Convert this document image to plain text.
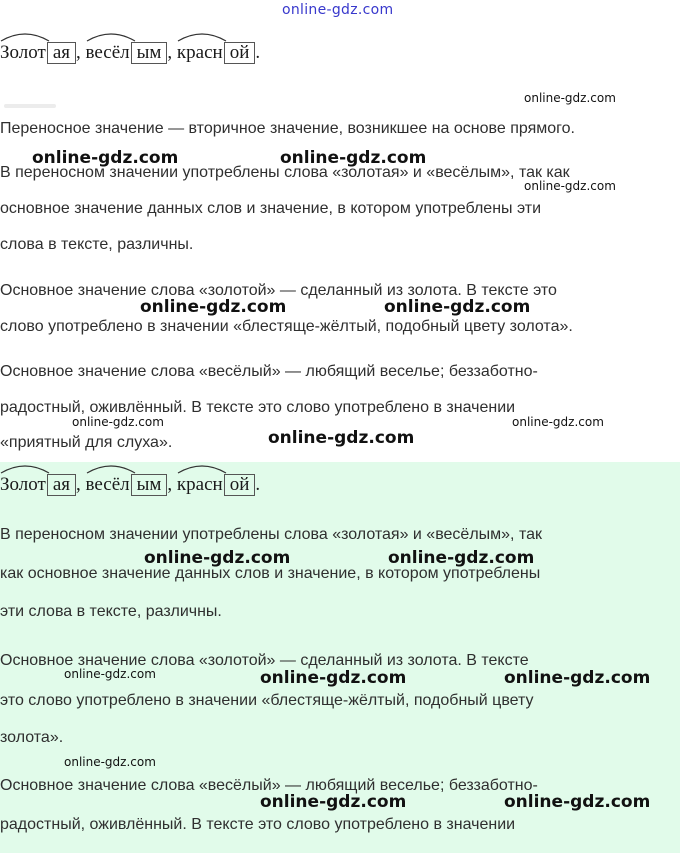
online-gdz.com
Золот ая , весёл ым , красн ой .
Переносное значение — вторичное значение, возникшее на основе прямого.
В переносном значении употреблены слова «золотая» и «весёлым», так как
основное значение данных слов и значение, в котором употреблены эти
слова в тексте, различны.
Основное значение слова «золотой» — сделанный из золота. В тексте это
слово употреблено в значении «блестяще-жёлтый, подобный цвету золота».
Основное значение слова «весёлый» — любящий веселье; беззаботно-
радостный, оживлённый. В тексте это слово употреблено в значении
«приятный для слуха».
Золот ая , весёл ым , красн ой .
В переносном значении употреблены слова «золотая» и «весёлым», так
как основное значение данных слов и значение, в котором употреблены
эти слова в тексте, различны.
Основное значение слова «золотой» — сделанный из золота. В тексте
это слово употреблено в значении «блестяще-жёлтый, подобный цвету
золота».
Основное значение слова «весёлый» — любящий веселье; беззаботно-
радостный, оживлённый. В тексте это слово употреблено в значении
online-gdz.com
online-gdz.com	online-gdz.com
online-gdz.com
online-gdz.com	online-gdz.com
online-gdz.com	online-gdz.com
online-gdz.com
online-gdz.com	online-gdz.com
online-gdz.com	online-gdz.com	online-gdz.com
online-gdz.com
online-gdz.com	online-gdz.com
